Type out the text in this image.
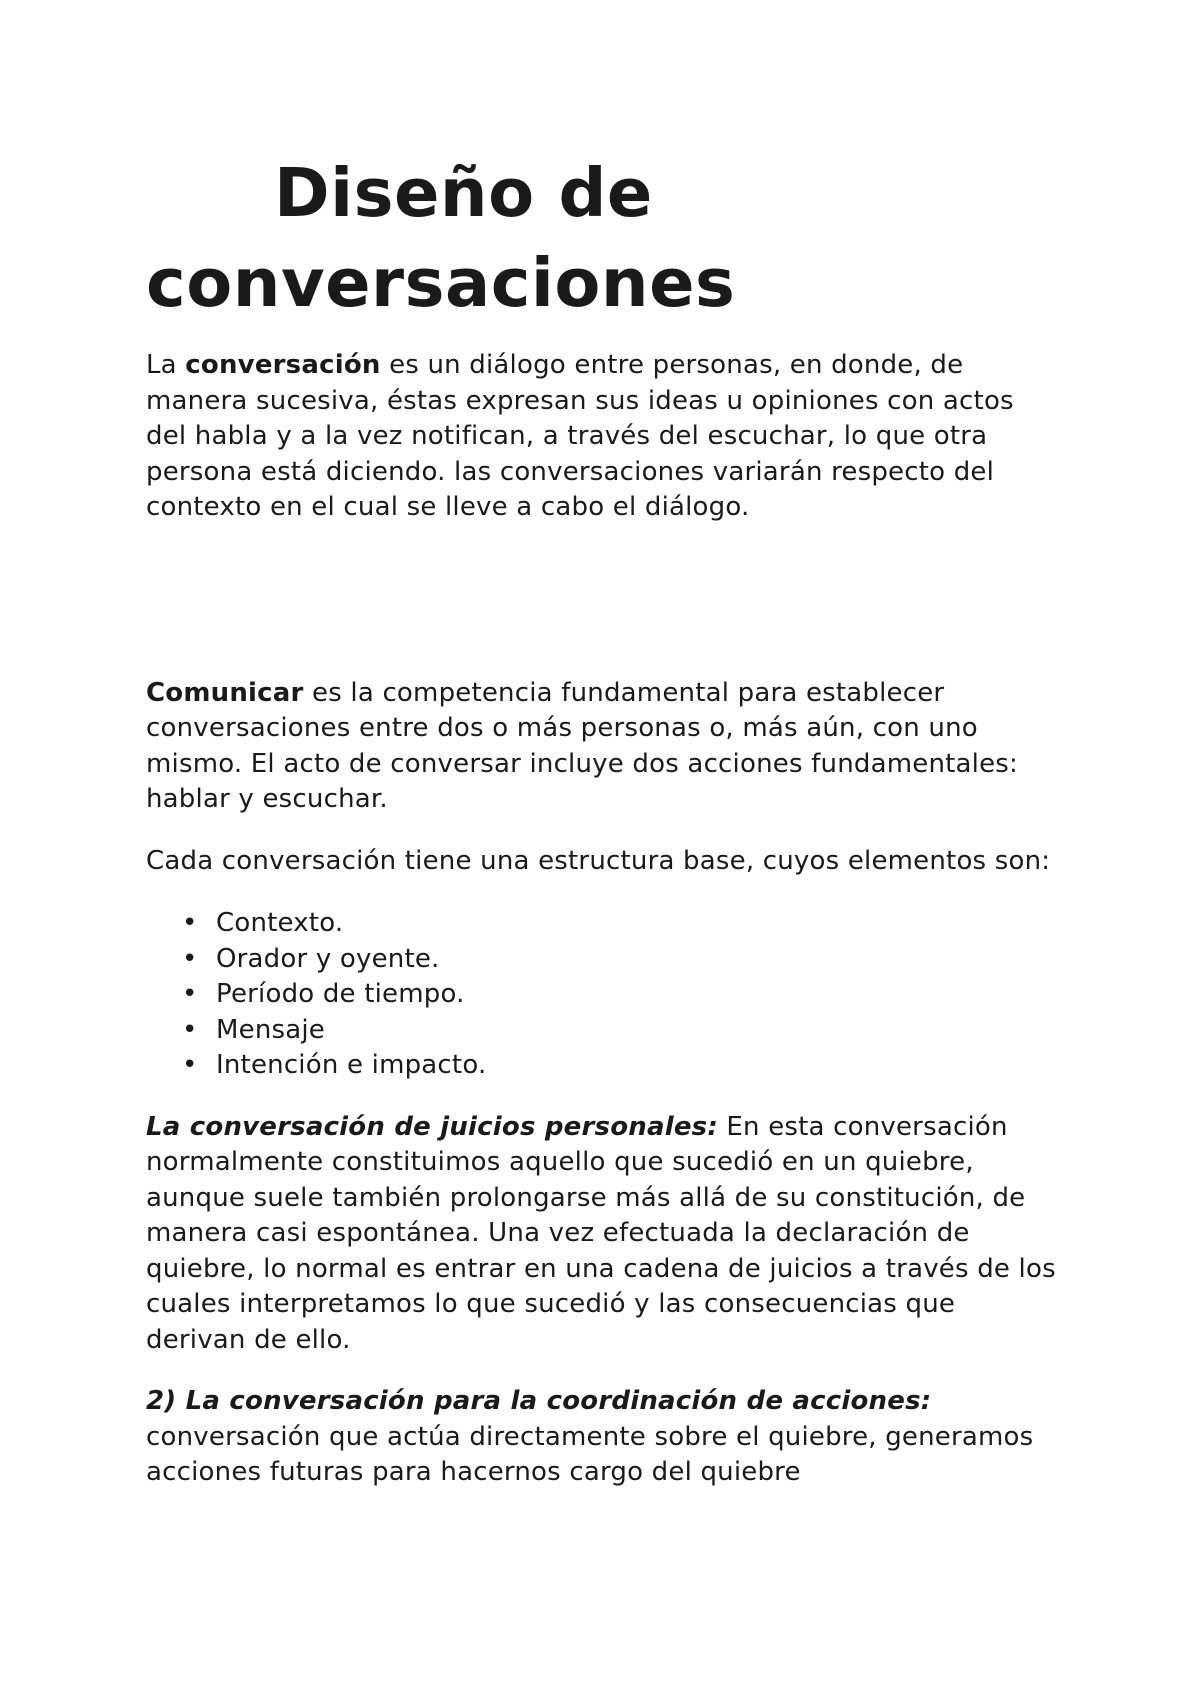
Diseño de
conversaciones

La conversación es un diálogo entre personas, en donde, de manera sucesiva, éstas expresan sus ideas u opiniones con actos del habla y a la vez notifican, a través del escuchar, lo que otra persona está diciendo. las conversaciones variarán respecto del contexto en el cual se lleve a cabo el diálogo.

Comunicar es la competencia fundamental para establecer conversaciones entre dos o más personas o, más aún, con uno mismo. El acto de conversar incluye dos acciones fundamentales: hablar y escuchar.

Cada conversación tiene una estructura base, cuyos elementos son:

• Contexto.
• Orador y oyente.
• Período de tiempo.
• Mensaje
• Intención e impacto.

La conversación de juicios personales: En esta conversación normalmente constituimos aquello que sucedió en un quiebre, aunque suele también prolongarse más allá de su constitución, de manera casi espontánea. Una vez efectuada la declaración de quiebre, lo normal es entrar en una cadena de juicios a través de los cuales interpretamos lo que sucedió y las consecuencias que derivan de ello.

2) La conversación para la coordinación de acciones: conversación que actúa directamente sobre el quiebre, generamos acciones futuras para hacernos cargo del quiebre
